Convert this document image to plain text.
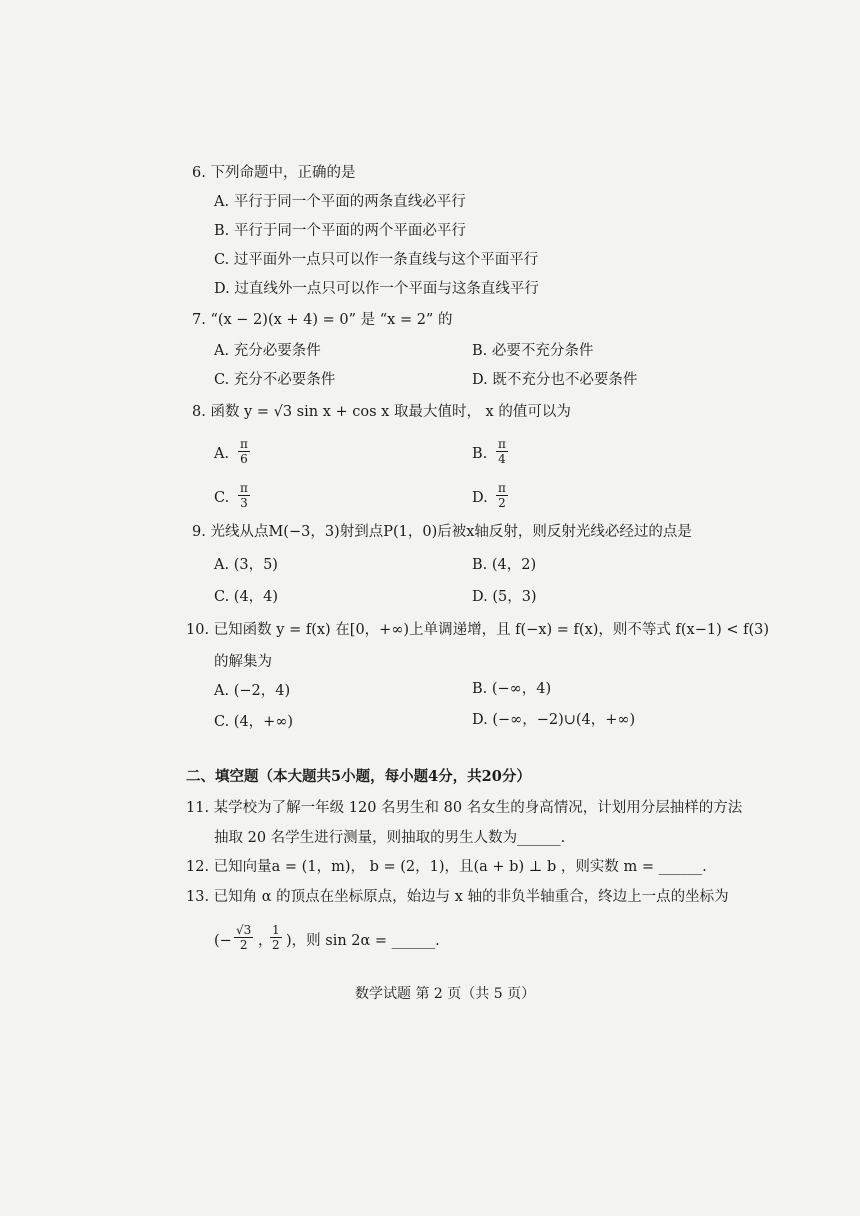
6. 下列命题中，正确的是
A. 平行于同一个平面的两条直线必平行
B. 平行于同一个平面的两个平面必平行
C. 过平面外一点只可以作一条直线与这个平面平行
D. 过直线外一点只可以作一个平面与这条直线平行
7. “(x − 2)(x + 4) = 0” 是 “x = 2” 的
A. 充分必要条件	B. 必要不充分条件
C. 充分不必要条件	D. 既不充分也不必要条件
8. 函数 y = √3 sin x + cos x 取最大值时， x 的值可以为
A. $\frac{\pi}{6}$	B. $\frac{\pi}{4}$
C. $\frac{\pi}{3}$	D. $\frac{\pi}{2}$
9. 光线从点M(−3，3)射到点P(1，0)后被x轴反射，则反射光线必经过的点是
A. (3，5)	B. (4，2)
C. (4，4)	D. (5，3)
10. 已知函数 y = f(x) 在[0，+∞)上单调递增，且 f(−x) = f(x)，则不等式 f(x−1) < f(3)
的解集为
A. (−2，4)	B. (−∞，4)
C. (4，+∞)	D. (−∞，−2)∪(4，+∞)
二、填空题（本大题共5小题，每小题4分，共20分）
11. 某学校为了解一年级 120 名男生和 80 名女生的身高情况，计划用分层抽样的方法
抽取 20 名学生进行测量，则抽取的男生人数为______.
12. 已知向量a = (1，m)， b = (2，1)，且(a + b) ⊥ b ，则实数 m = ______.
13. 已知角 α 的顶点在坐标原点，始边与 x 轴的非负半轴重合，终边上一点的坐标为
(− $\frac{√3}{2}$ ，
$\frac{1}{2}$ )，则 sin 2α = ______.
数学试题 第 2 页（共 5 页）
